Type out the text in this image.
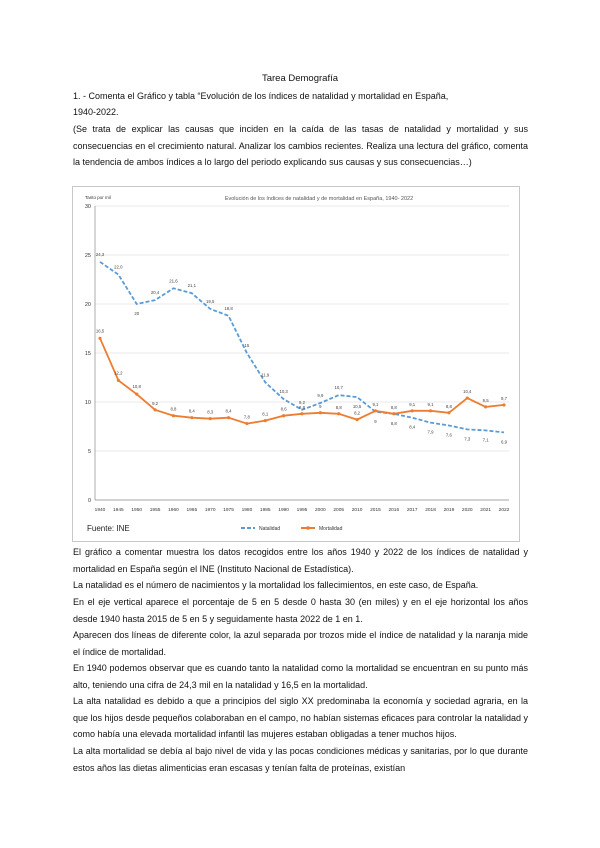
Tarea Demografía
1. - Comenta el Gráfico y tabla “Evolución de los índices de natalidad y mortalidad en España,
1940-2022.
(Se trata de explicar las causas que inciden en la caída de las tasas de natalidad y mortalidad y sus consecuencias en el crecimiento natural. Analizar los cambios recientes. Realiza una lectura del gráfico, comenta la tendencia de ambos índices a lo largo del periodo explicando sus causas y sus consecuencias…)
Tanto por mil	Evolución de los índices de natalidad y de mortalidad en España, 1940- 2022
0
5
10
15
20
25
30
1940 1945 1950 1955 1960 1965 1970 1975 1980 1985 1990 1995 2000 2005 2010 2015 2016 2017 2018 2019 2020 2021 2022
24,3
22,0
20
20,4
21,6
21,1
19,5
18,8
15
11,9
10,3
9,2
9,9
10,7
10,5
9	8,8
8,4
7,9
7,6
7,3	7,1	6,9
16,5
12,2
10,8
9,2
8,8	8,4	8,3	8,4
7,8
8,1
8,6	8,8	9	8,8
8,2
9,1
8,8
9,1	9,1	8,8
10,4
9,5	9,7
Fuente: INE	Natalidad	Mortalidad
El gráfico a comentar muestra los datos recogidos entre los años 1940 y 2022 de los índices de natalidad y mortalidad en España según el INE (Instituto Nacional de Estadística).
La natalidad es el número de nacimientos y la mortalidad los fallecimientos, en este caso, de España.
En el eje vertical aparece el porcentaje de 5 en 5 desde 0 hasta 30 (en miles) y en el eje horizontal los años desde 1940 hasta 2015 de 5 en 5 y seguidamente hasta 2022 de 1 en 1.
Aparecen dos líneas de diferente color, la azul separada por trozos mide el índice de natalidad y la naranja mide el índice de mortalidad.
En 1940 podemos observar que es cuando tanto la natalidad como la mortalidad se encuentran en su punto más alto, teniendo una cifra de 24,3 mil en la natalidad y 16,5 en la mortalidad.
La alta natalidad es debido a que a principios del siglo XX predominaba la economía y sociedad agraria, en la que los hijos desde pequeños colaboraban en el campo, no habían sistemas eficaces para controlar la natalidad y como había una elevada mortalidad infantil las mujeres estaban obligadas a tener muchos hijos.
La alta mortalidad se debía al bajo nivel de vida y las pocas condiciones médicas y sanitarias, por lo que durante estos años las dietas alimenticias eran escasas y tenían falta de proteínas, existían
